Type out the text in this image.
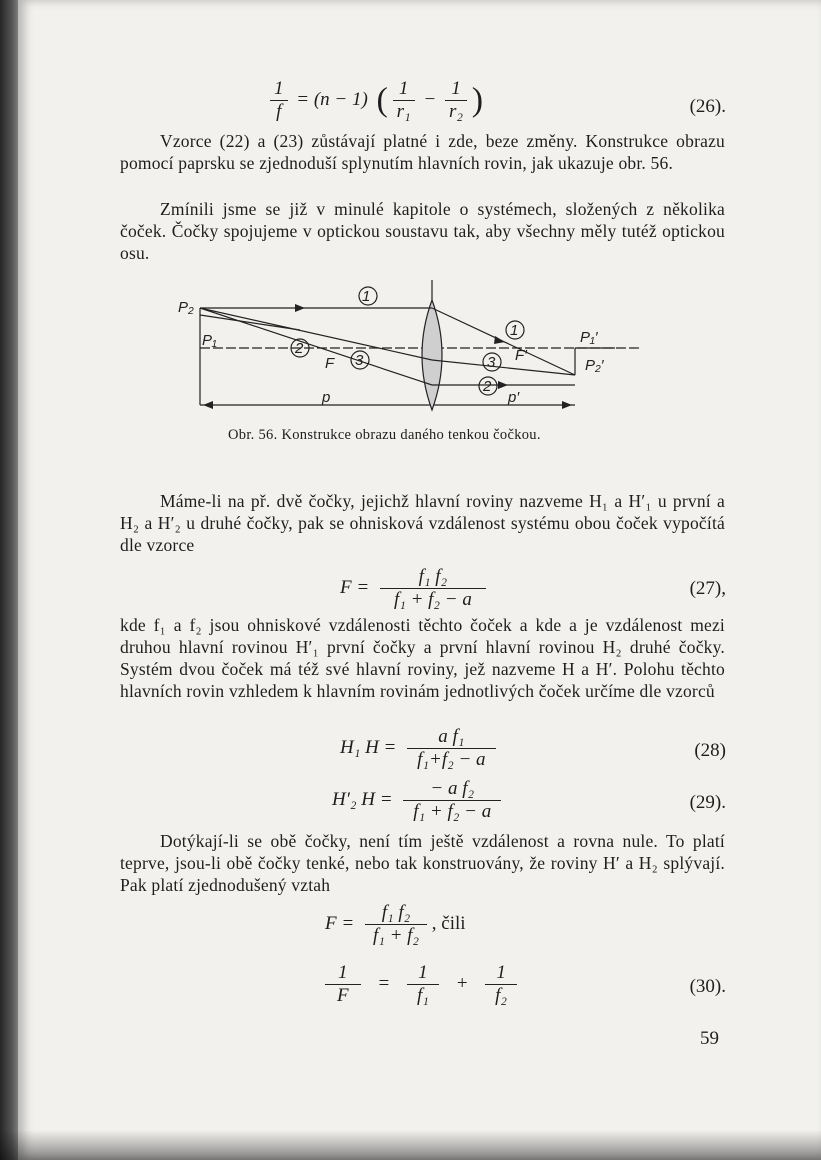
$\frac{1}{f} = (n - 1)$ ( $\frac{1}{\text{r₁}} - \frac{1}{\text{r₂}}$ )	(26).

Vzorce (22) a (23) zůstávají platné i zde, beze změny. Konstrukce obrazu pomocí paprsku se zjednoduší splynutím hlavních rovin, jak ukazuje obr. 56.

Zmínili jsme se již v minulé kapitole o systémech, složených z několika čoček. Čočky spojujeme v optickou soustavu tak, aby všechny měly tutéž optickou osu.

1
2
3
1
3
2
P₂
P₁	P₁′
P₂′
F	F′
p	p′
Obr. 56. Konstrukce obrazu daného tenkou čočkou.

Máme-li na př. dvě čočky, jejichž hlavní roviny nazveme H₁ a H′₁ u první a H₂ a H′₂ u druhé čočky, pak se ohnisková vzdálenost systému obou čoček vypočítá dle vzorce

$F = \frac{\text{f₁ f₂}}{\text{f₁ + f₂ − a}}$	(27),

kde f₁ a f₂ jsou ohniskové vzdálenosti těchto čoček a kde a je vzdálenost mezi druhou hlavní rovinou H′₁ první čočky a první hlavní rovinou H₂ druhé čočky. Systém dvou čoček má též své hlavní roviny, jež nazveme H a H′. Polohu těchto hlavních rovin vzhledem k hlavním rovinám jednotlivých čoček určíme dle vzorců

H₁ $H = \frac{\text{a f₁}}{\text{f₁+f₂ − a}}$	(28)
H′₂ $H = \frac{\text{− a f₂}}{\text{f₁ + f₂ − a}}$	(29).

Dotýkají-li se obě čočky, není tím ještě vzdálenost a rovna nule. To platí teprve, jsou-li obě čočky tenké, nebo tak konstruovány, že roviny H′ a H₂ splývají. Pak platí zjednodušený vztah

$F = \frac{\text{f₁ f₂}}{\text{f₁ + f₂}}$ , čili
$\frac{1}{F} = \frac{1}{\text{f₁}} + \frac{1}{\text{f₂}}$	(30).
59
